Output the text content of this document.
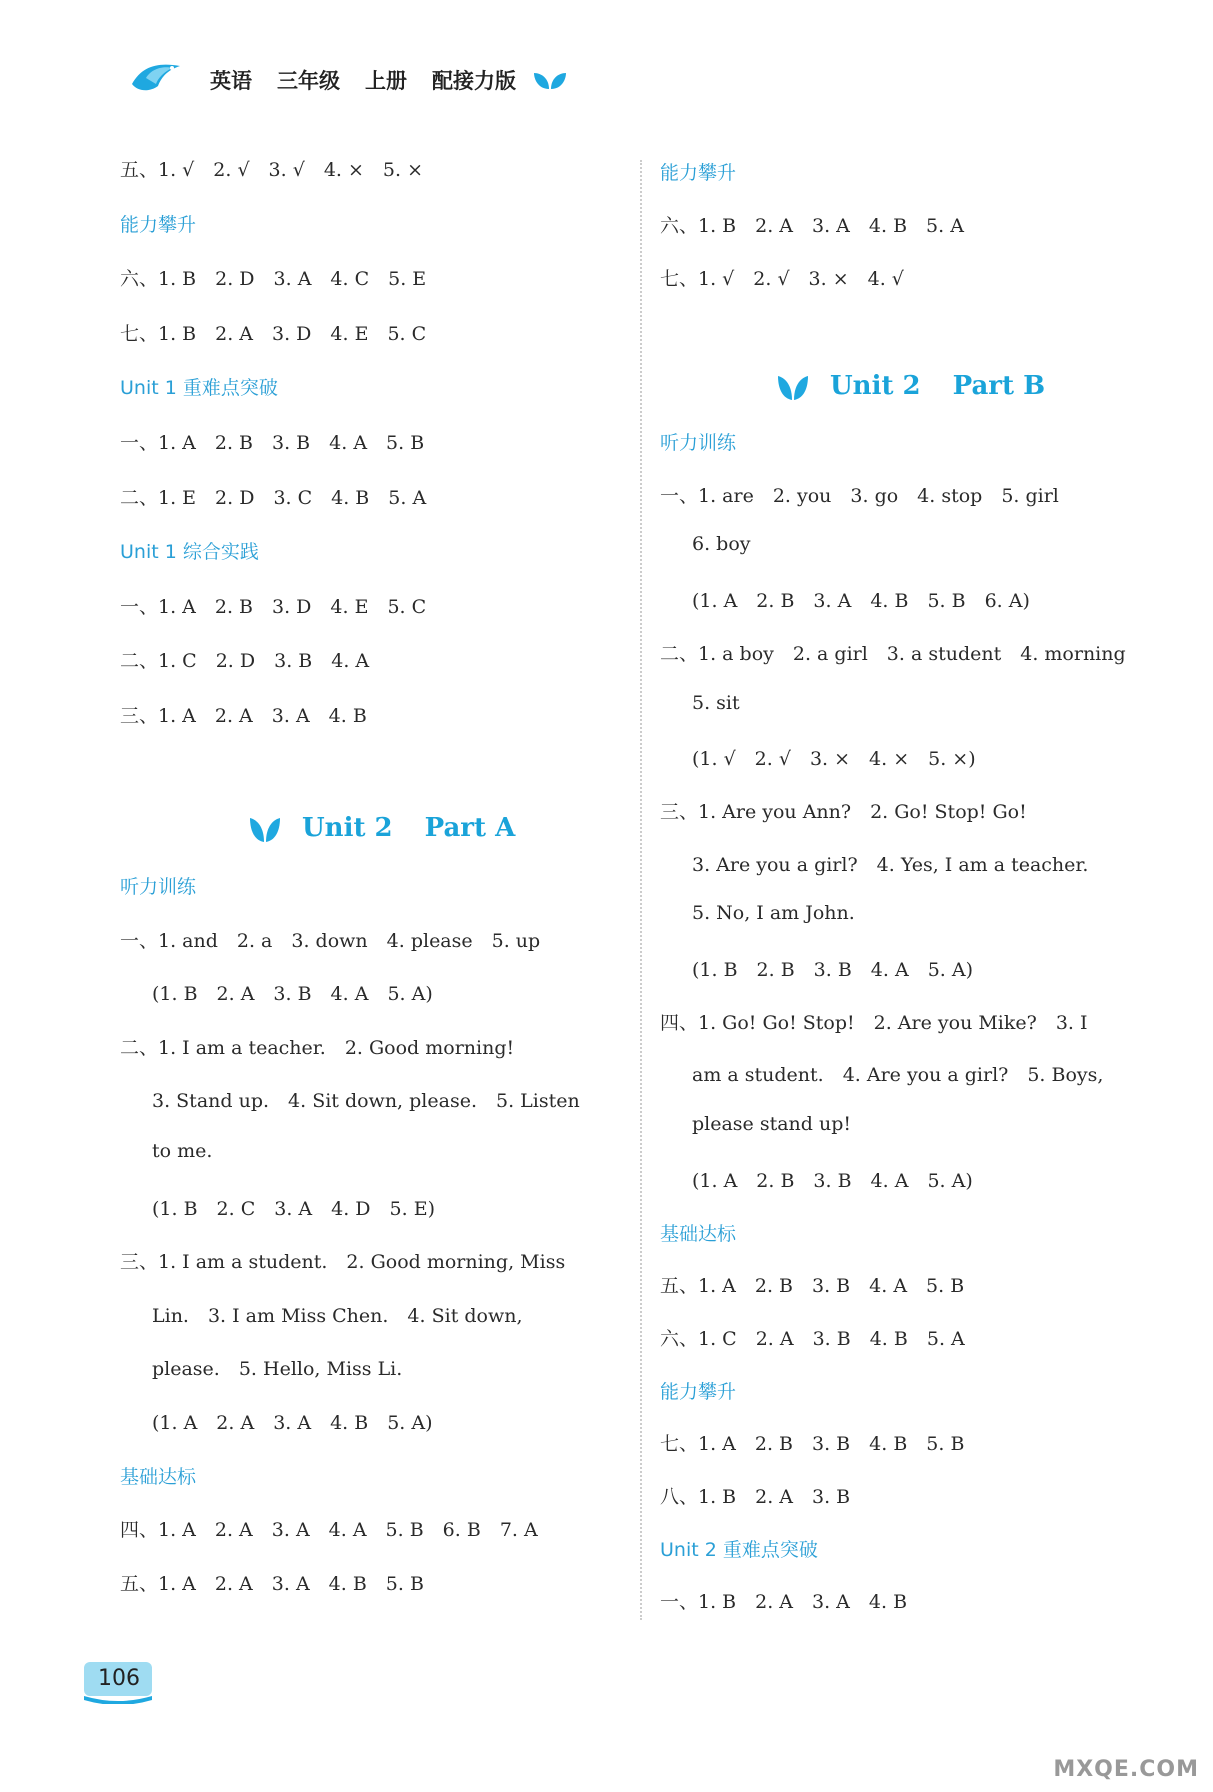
英语 三年级 上册 配接力版
五、1. √　2. √　3. √　4. ×　5. ×
能力攀升
六、1. B　2. D　3. A　4. C　5. E
七、1. B　2. A　3. D　4. E　5. C
Unit 1 重难点突破
一、1. A　2. B　3. B　4. A　5. B
二、1. E　2. D　3. C　4. B　5. A
Unit 1 综合实践
一、1. A　2. B　3. D　4. E　5. C
二、1. C　2. D　3. B　4. A
三、1. A　2. A　3. A　4. B
Unit 2 Part A
听力训练
一、1. and　2. a　3. down　4. please　5. up
(1. B　2. A　3. B　4. A　5. A)
二、1. I am a teacher.　2. Good morning!
3. Stand up.　4. Sit down, please.　5. Listen
to me.
(1. B　2. C　3. A　4. D　5. E)
三、1. I am a student.　2. Good morning, Miss
Lin.　3. I am Miss Chen.　4. Sit down,
please.　5. Hello, Miss Li.
(1. A　2. A　3. A　4. B　5. A)
基础达标
四、1. A　2. A　3. A　4. A　5. B　6. B　7. A
五、1. A　2. A　3. A　4. B　5. B
能力攀升
六、1. B　2. A　3. A　4. B　5. A
七、1. √　2. √　3. ×　4. √
Unit 2 Part B
听力训练
一、1. are　2. you　3. go　4. stop　5. girl
6. boy
(1. A　2. B　3. A　4. B　5. B　6. A)
二、1. a boy　2. a girl　3. a student　4. morning
5. sit
(1. √　2. √　3. ×　4. ×　5. ×)
三、1. Are you Ann?　2. Go! Stop! Go!
3. Are you a girl?　4. Yes, I am a teacher.
5. No, I am John.
(1. B　2. B　3. B　4. A　5. A)
四、1. Go! Go! Stop!　2. Are you Mike?　3. I
am a student.　4. Are you a girl?　5. Boys,
please stand up!
(1. A　2. B　3. B　4. A　5. A)
基础达标
五、1. A　2. B　3. B　4. A　5. B
六、1. C　2. A　3. B　4. B　5. A
能力攀升
七、1. A　2. B　3. B　4. B　5. B
八、1. B　2. A　3. B
Unit 2 重难点突破
一、1. B　2. A　3. A　4. B
106
MXQE.COM
